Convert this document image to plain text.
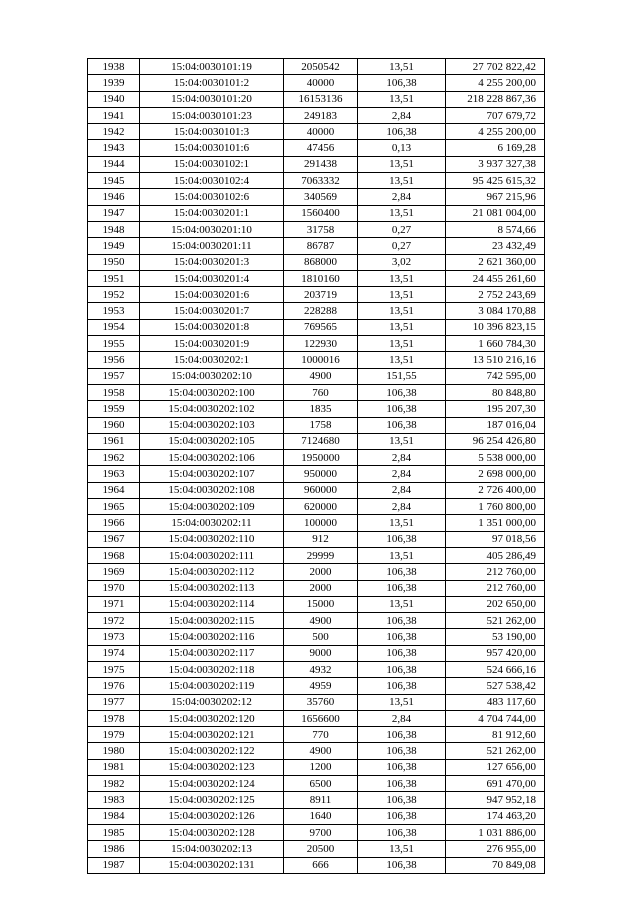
1938	15:04:0030101:19	2050542	13,51	27 702 822,42
1939	15:04:0030101:2	40000	106,38	4 255 200,00
1940	15:04:0030101:20	16153136	13,51	218 228 867,36
1941	15:04:0030101:23	249183	2,84	707 679,72
1942	15:04:0030101:3	40000	106,38	4 255 200,00
1943	15:04:0030101:6	47456	0,13	6 169,28
1944	15:04:0030102:1	291438	13,51	3 937 327,38
1945	15:04:0030102:4	7063332	13,51	95 425 615,32
1946	15:04:0030102:6	340569	2,84	967 215,96
1947	15:04:0030201:1	1560400	13,51	21 081 004,00
1948	15:04:0030201:10	31758	0,27	8 574,66
1949	15:04:0030201:11	86787	0,27	23 432,49
1950	15:04:0030201:3	868000	3,02	2 621 360,00
1951	15:04:0030201:4	1810160	13,51	24 455 261,60
1952	15:04:0030201:6	203719	13,51	2 752 243,69
1953	15:04:0030201:7	228288	13,51	3 084 170,88
1954	15:04:0030201:8	769565	13,51	10 396 823,15
1955	15:04:0030201:9	122930	13,51	1 660 784,30
1956	15:04:0030202:1	1000016	13,51	13 510 216,16
1957	15:04:0030202:10	4900	151,55	742 595,00
1958	15:04:0030202:100	760	106,38	80 848,80
1959	15:04:0030202:102	1835	106,38	195 207,30
1960	15:04:0030202:103	1758	106,38	187 016,04
1961	15:04:0030202:105	7124680	13,51	96 254 426,80
1962	15:04:0030202:106	1950000	2,84	5 538 000,00
1963	15:04:0030202:107	950000	2,84	2 698 000,00
1964	15:04:0030202:108	960000	2,84	2 726 400,00
1965	15:04:0030202:109	620000	2,84	1 760 800,00
1966	15:04:0030202:11	100000	13,51	1 351 000,00
1967	15:04:0030202:110	912	106,38	97 018,56
1968	15:04:0030202:111	29999	13,51	405 286,49
1969	15:04:0030202:112	2000	106,38	212 760,00
1970	15:04:0030202:113	2000	106,38	212 760,00
1971	15:04:0030202:114	15000	13,51	202 650,00
1972	15:04:0030202:115	4900	106,38	521 262,00
1973	15:04:0030202:116	500	106,38	53 190,00
1974	15:04:0030202:117	9000	106,38	957 420,00
1975	15:04:0030202:118	4932	106,38	524 666,16
1976	15:04:0030202:119	4959	106,38	527 538,42
1977	15:04:0030202:12	35760	13,51	483 117,60
1978	15:04:0030202:120	1656600	2,84	4 704 744,00
1979	15:04:0030202:121	770	106,38	81 912,60
1980	15:04:0030202:122	4900	106,38	521 262,00
1981	15:04:0030202:123	1200	106,38	127 656,00
1982	15:04:0030202:124	6500	106,38	691 470,00
1983	15:04:0030202:125	8911	106,38	947 952,18
1984	15:04:0030202:126	1640	106,38	174 463,20
1985	15:04:0030202:128	9700	106,38	1 031 886,00
1986	15:04:0030202:13	20500	13,51	276 955,00
1987	15:04:0030202:131	666	106,38	70 849,08
